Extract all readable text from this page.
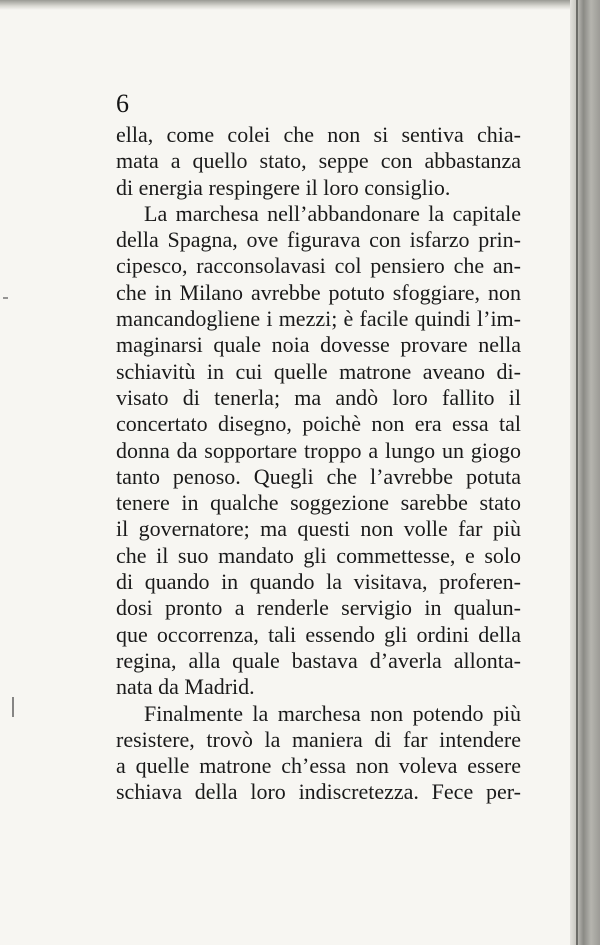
6
ella, come colei che non si sentiva chia-
mata a quello stato, seppe con abbastanza
di energia respingere il loro consiglio.
La marchesa nell’abbandonare la capitale
della Spagna, ove figurava con isfarzo prin-
cipesco, racconsolavasi col pensiero che an-
che in Milano avrebbe potuto sfoggiare, non
mancandogliene i mezzi; è facile quindi l’im-
maginarsi quale noia dovesse provare nella
schiavitù in cui quelle matrone aveano di-
visato di tenerla; ma andò loro fallito il
concertato disegno, poichè non era essa tal
donna da sopportare troppo a lungo un giogo
tanto penoso. Quegli che l’avrebbe potuta
tenere in qualche soggezione sarebbe stato
il governatore; ma questi non volle far più
che il suo mandato gli commettesse, e solo
di quando in quando la visitava, proferen-
dosi pronto a renderle servigio in qualun-
que occorrenza, tali essendo gli ordini della
regina, alla quale bastava d’averla allonta-
nata da Madrid.
Finalmente la marchesa non potendo più
resistere, trovò la maniera di far intendere
a quelle matrone ch’essa non voleva essere
schiava della loro indiscretezza. Fece per-
